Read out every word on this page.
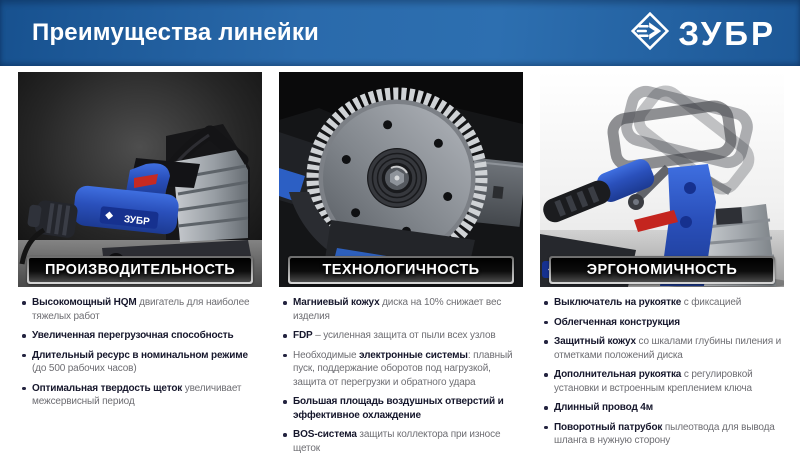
Преимущества линейки	ЗУБР
ЗУБР
ПРОИЗВОДИТЕЛЬНОСТЬ
Высокомощный HQM двигатель для наиболее тяжелых работ
Увеличенная перегрузочная способность
Длительный ресурс в номинальном режиме (до 500 рабочих часов)
Оптимальная твердость щеток увеличивает межсервисный период
ТЕХНОЛОГИЧНОСТЬ
Магниевый кожух диска на 10% снижает вес изделия
FDP – усиленная защита от пыли всех узлов
Необходимые электронные системы: плавный пуск, поддержание оборотов под нагрузкой, защита от перегрузки и обратного удара
Большая площадь воздушных отверстий и эффективное охлаждение
BOS-система защиты коллектора при износе щеток
ЭРГОНОМИЧНОСТЬ
Выключатель на рукоятке с фиксацией
Облегченная конструкция
Защитный кожух со шкалами глубины пиления и отметками положений диска
Дополнительная рукоятка с регулировкой установки и встроенным креплением ключа
Длинный провод 4м
Поворотный патрубок пылеотвода для вывода шланга в нужную сторону
